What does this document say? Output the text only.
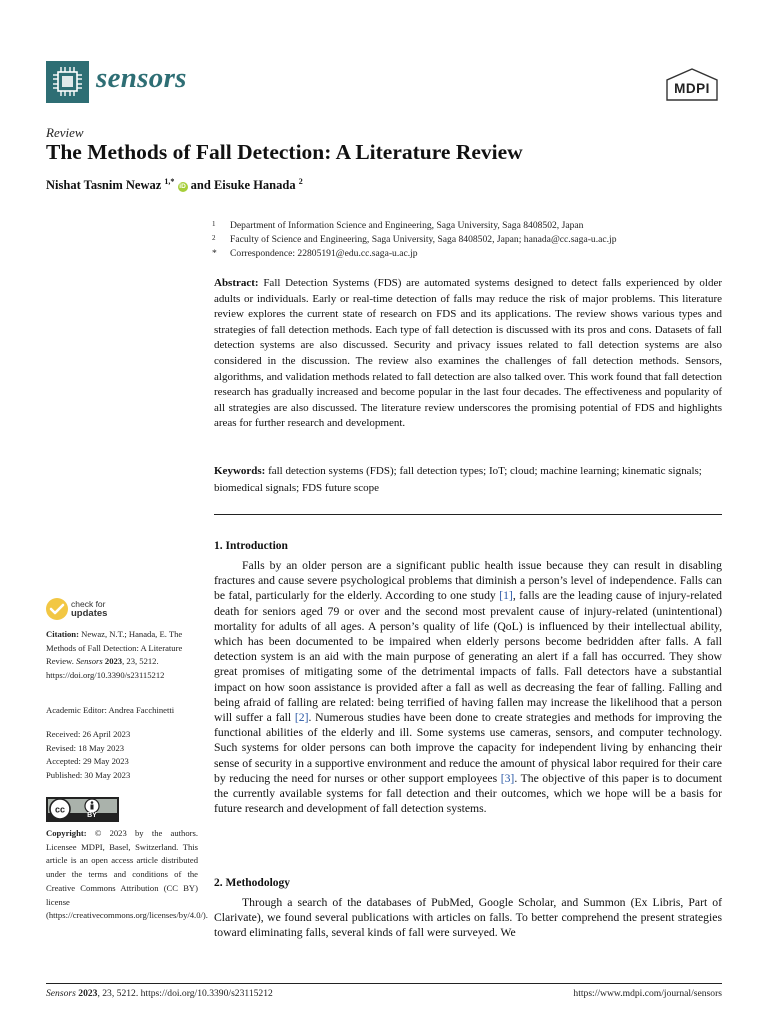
sensors	MDPI
Review
The Methods of Fall Detection: A Literature Review
Nishat Tasnim Newaz $^{1,*}$ iD and Eisuke Hanada $^2$
1	Department of Information Science and Engineering, Saga University, Saga 8408502, Japan
2	Faculty of Science and Engineering, Saga University, Saga 8408502, Japan; hanada@cc.saga-u.ac.jp
*	Correspondence: 22805191@edu.cc.saga-u.ac.jp
Abstract: Fall Detection Systems (FDS) are automated systems designed to detect falls experienced by older adults or individuals. Early or real-time detection of falls may reduce the risk of major problems. This literature review explores the current state of research on FDS and its applications. The review shows various types and strategies of fall detection methods. Each type of fall detection is discussed with its pros and cons. Datasets of fall detection systems are also discussed. Security and privacy issues related to fall detection systems are also considered in the discussion. The review also examines the challenges of fall detection methods. Sensors, algorithms, and validation methods related to fall detection are also talked over. This work found that fall detection research has gradually increased and become popular in the last four decades. The effectiveness and popularity of all strategies are also discussed. The literature review underscores the promising potential of FDS and highlights areas for further research and development.
Keywords: fall detection systems (FDS); fall detection types; IoT; cloud; machine learning; kinematic signals; biomedical signals; FDS future scope
check for
updates
Citation: Newaz, N.T.; Hanada, E. The Methods of Fall Detection: A Literature Review. Sensors 2023, 23, 5212. https://doi.org/10.3390/s23115212
Academic Editor: Andrea Facchinetti
Received: 26 April 2023
Revised: 18 May 2023
Accepted: 29 May 2023
Published: 30 May 2023
cc
BY
Copyright: © 2023 by the authors. Licensee MDPI, Basel, Switzerland. This article is an open access article distributed under the terms and conditions of the Creative Commons Attribution (CC BY) license (https://creativecommons.org/licenses/by/4.0/).
1. Introduction

Falls by an older person are a significant public health issue because they can result in disabling fractures and cause severe psychological problems that diminish a person’s level of independence. Falls can be fatal, particularly for the elderly. According to one study [1], falls are the leading cause of injury-related death for seniors aged 79 or over and the second most prevalent cause of injury-related (unintentional) mortality for adults of all ages. A person’s quality of life (QoL) is influenced by their intellectual ability, which has been documented to be impaired when elderly persons become bedridden after falls. A fall detection system is an aid with the main purpose of generating an alert if a fall has occurred. They show great promises of mitigating some of the detrimental impacts of falls. Fall detectors have a substantial impact on how soon assistance is provided after a fall as well as decreasing the fear of falling. Falling and being afraid of falling are related: being terrified of having fallen may increase the likelihood that a person will suffer a fall [2]. Numerous studies have been done to create strategies and methods for improving the functional abilities of the elderly and ill. Some systems use cameras, sensors, and computer technology. Such systems for older persons can both improve the capacity for independent living by enhancing their sense of security in a supportive environment and reduce the amount of physical labor required for their care by reducing the need for nurses or other support employees [3]. The objective of this paper is to document the currently available systems for fall detection and their outcomes, which we hope will be a basis for future research and development of fall detection systems.

2. Methodology

Through a search of the databases of PubMed, Google Scholar, and Summon (Ex Libris, Part of Clarivate), we found several publications with articles on falls. To better comprehend the present strategies toward eliminating falls, several kinds of fall were surveyed. We

Sensors 2023, 23, 5212. https://doi.org/10.3390/s23115212	https://www.mdpi.com/journal/sensors
